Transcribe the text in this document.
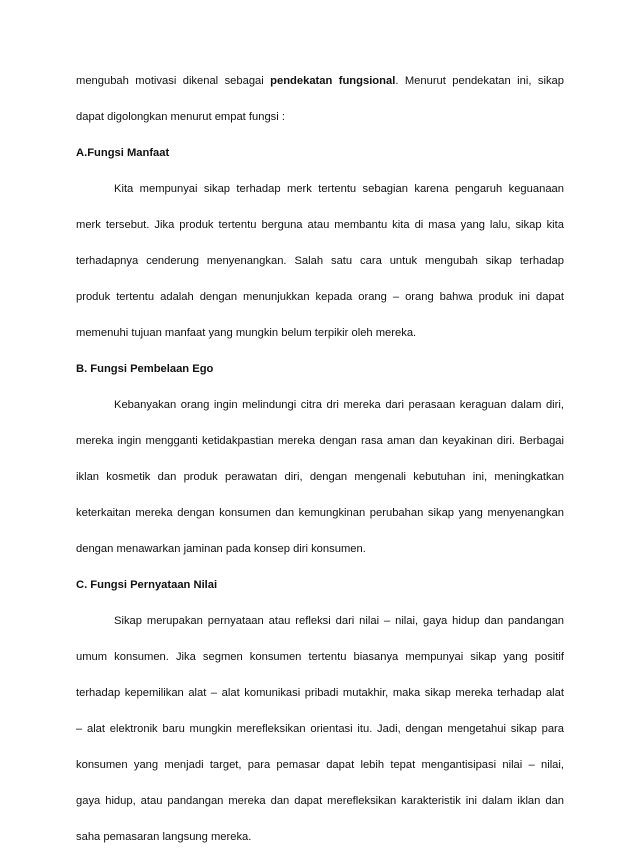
mengubah motivasi dikenal sebagai pendekatan fungsional. Menurut pendekatan ini, sikap
dapat digolongkan menurut empat fungsi :
A.Fungsi Manfaat
Kita mempunyai sikap terhadap merk tertentu sebagian karena pengaruh keguanaan
merk tersebut. Jika produk tertentu berguna atau membantu kita di masa yang lalu, sikap kita
terhadapnya cenderung menyenangkan. Salah satu cara untuk mengubah sikap terhadap
produk tertentu adalah dengan menunjukkan kepada orang – orang bahwa produk ini dapat
memenuhi tujuan manfaat yang mungkin belum terpikir oleh mereka.
B. Fungsi Pembelaan Ego
Kebanyakan orang ingin melindungi citra dri mereka dari perasaan keraguan dalam diri,
mereka ingin mengganti ketidakpastian mereka dengan rasa aman dan keyakinan diri. Berbagai
iklan kosmetik dan produk perawatan diri, dengan mengenali kebutuhan ini, meningkatkan
keterkaitan mereka dengan konsumen dan kemungkinan perubahan sikap yang menyenangkan
dengan menawarkan jaminan pada konsep diri konsumen.
C. Fungsi Pernyataan Nilai
Sikap merupakan pernyataan atau refleksi dari nilai – nilai, gaya hidup dan pandangan
umum konsumen. Jika segmen konsumen tertentu biasanya mempunyai sikap yang positif
terhadap kepemilikan alat – alat komunikasi pribadi mutakhir, maka sikap mereka terhadap alat
– alat elektronik baru mungkin merefleksikan orientasi itu. Jadi, dengan mengetahui sikap para
konsumen yang menjadi target, para pemasar dapat lebih tepat mengantisipasi nilai – nilai,
gaya hidup, atau pandangan mereka dan dapat merefleksikan karakteristik ini dalam iklan dan
saha pemasaran langsung mereka.
